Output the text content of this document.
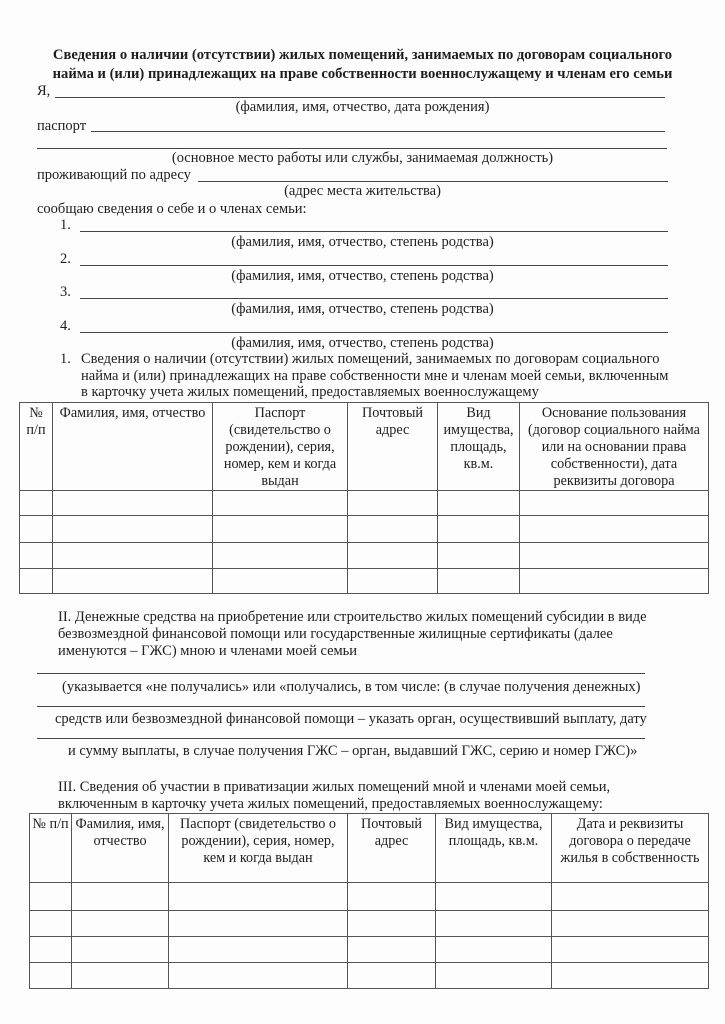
Сведения о наличии (отсутствии) жилых помещений, занимаемых по договорам социального
найма и (или) принадлежащих на праве собственности военнослужащему и членам его семьи
Я,
(фамилия, имя, отчество, дата рождения)
паспорт
(основное место работы или службы, занимаемая должность)
проживающий по адресу
(адрес места жительства)
сообщаю сведения о себе и о членах семьи:
1.
(фамилия, имя, отчество, степень родства)
2.
(фамилия, имя, отчество, степень родства)
3.
(фамилия, имя, отчество, степень родства)
4.
(фамилия, имя, отчество, степень родства)
1. Сведения о наличии (отсутствии) жилых помещений, занимаемых по договорам социального
найма и (или) принадлежащих на праве собственности мне и членам моей семьи, включенным
в карточку учета жилых помещений, предоставляемых военнослужащему
№ п/п	Фамилия, имя, отчество	Паспорт (свидетельство о рождении), серия, номер, кем и когда выдан	Почтовый адрес	Вид имущества, площадь, кв.м.	Основание пользования (договор социального найма или на основании права собственности), дата реквизиты договора

II. Денежные средства на приобретение или строительство жилых помещений субсидии в виде
безвозмездной финансовой помощи или государственные жилищные сертификаты (далее
именуются – ГЖС) мною и членами моей семьи
(указывается «не получались» или «получались, в том числе: (в случае получения денежных)
средств или безвозмездной финансовой помощи – указать орган, осуществивший выплату, дату
и сумму выплаты, в случае получения ГЖС – орган, выдавший ГЖС, серию и номер ГЖС)»
III. Сведения об участии в приватизации жилых помещений мной и членами моей семьи,
включенным в карточку учета жилых помещений, предоставляемых военнослужащему:
№ п/п	Фамилия, имя, отчество	Паспорт (свидетельство о рождении), серия, номер, кем и когда выдан	Почтовый адрес	Вид имущества, площадь, кв.м.	Дата и реквизиты договора о передаче жилья в собственность
